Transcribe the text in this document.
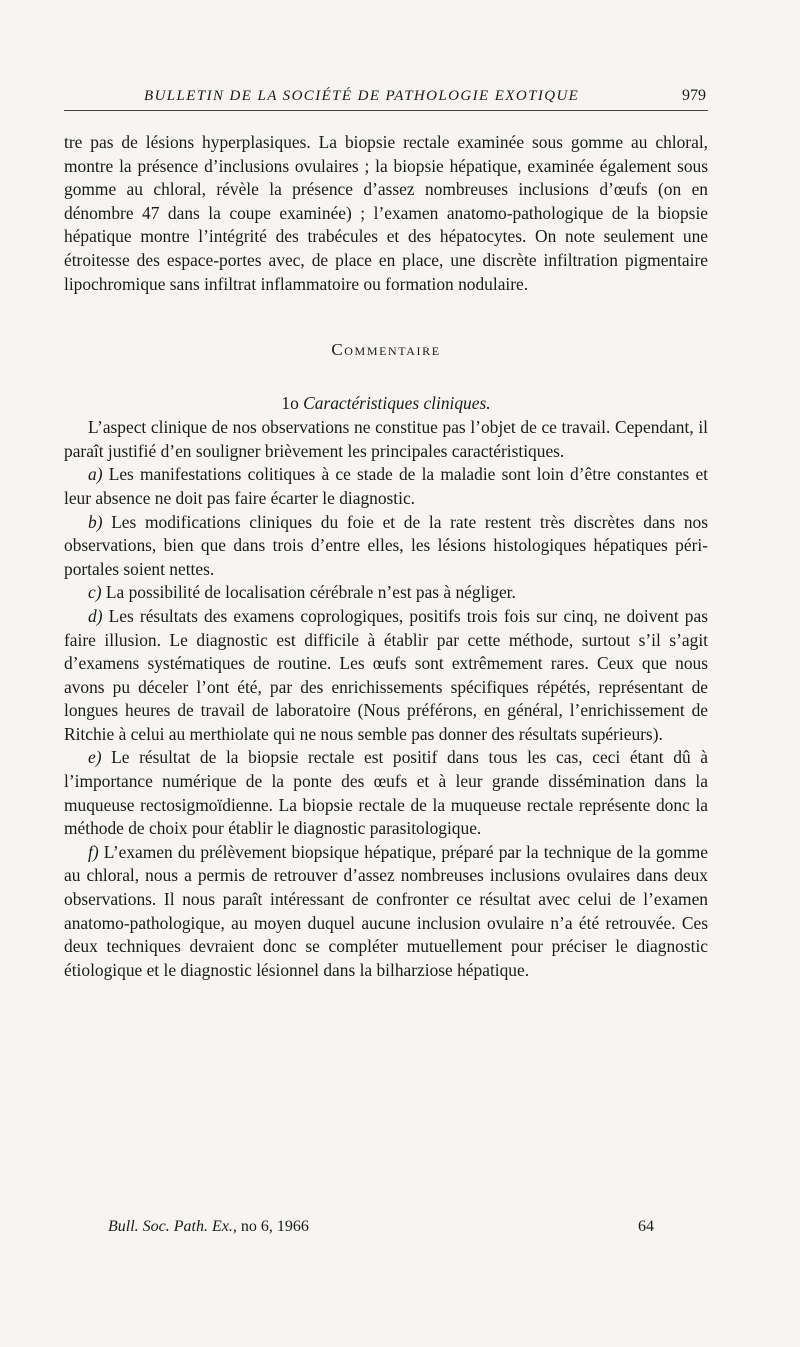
BULLETIN DE LA SOCIÉTÉ DE PATHOLOGIE EXOTIQUE	979

tre pas de lésions hyperplasiques. La biopsie rectale examinée sous gomme au chloral, montre la présence d’inclusions ovulaires ; la biopsie hépatique, examinée également sous gomme au chloral, révèle la présence d’assez nombreuses inclusions d’œufs (on en dénombre 47 dans la coupe examinée) ; l’examen anatomo-pathologique de la biopsie hépatique montre l’intégrité des trabécules et des hépatocytes. On note seulement une étroitesse des espace-portes avec, de place en place, une discrète infiltration pigmentaire lipochromique sans infiltrat inflammatoire ou formation nodulaire.

Commentaire
1o Caractéristiques cliniques.

L’aspect clinique de nos observations ne constitue pas l’objet de ce travail. Cependant, il paraît justifié d’en souligner brièvement les principales caractéristiques.

a) Les manifestations colitiques à ce stade de la maladie sont loin d’être constantes et leur absence ne doit pas faire écarter le diagnostic.

b) Les modifications cliniques du foie et de la rate restent très discrètes dans nos observations, bien que dans trois d’entre elles, les lésions histologiques hépatiques péri-portales soient nettes.

c) La possibilité de localisation cérébrale n’est pas à négliger.

d) Les résultats des examens coprologiques, positifs trois fois sur cinq, ne doivent pas faire illusion. Le diagnostic est difficile à établir par cette méthode, surtout s’il s’agit d’examens systématiques de routine. Les œufs sont extrêmement rares. Ceux que nous avons pu déceler l’ont été, par des enrichissements spécifiques répétés, représentant de longues heures de travail de laboratoire (Nous préférons, en général, l’enrichissement de Ritchie à celui au merthiolate qui ne nous semble pas donner des résultats supérieurs).

e) Le résultat de la biopsie rectale est positif dans tous les cas, ceci étant dû à l’importance numérique de la ponte des œufs et à leur grande dissémination dans la muqueuse rectosigmoïdienne. La biopsie rectale de la muqueuse rectale représente donc la méthode de choix pour établir le diagnostic parasitologique.

f) L’examen du prélèvement biopsique hépatique, préparé par la technique de la gomme au chloral, nous a permis de retrouver d’assez nombreuses inclusions ovulaires dans deux observations. Il nous paraît intéressant de confronter ce résultat avec celui de l’examen anatomo-pathologique, au moyen duquel aucune inclusion ovulaire n’a été retrouvée. Ces deux techniques devraient donc se compléter mutuellement pour préciser le diagnostic étiologique et le diagnostic lésionnel dans la bilharziose hépatique.

Bull. Soc. Path. Ex., no 6, 1966	64
